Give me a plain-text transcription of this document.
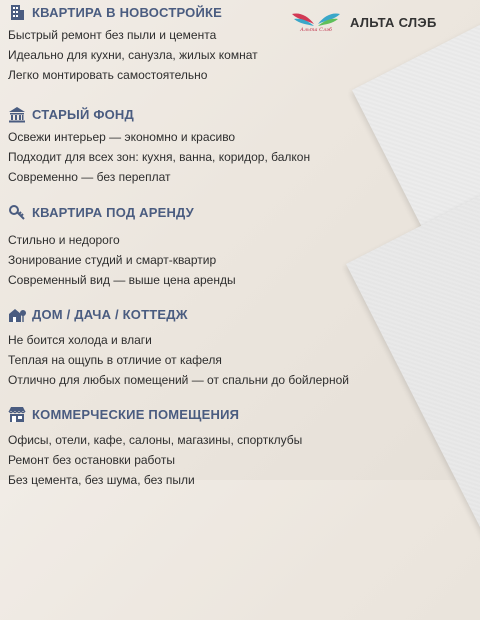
Альта Слэб
АЛЬТА СЛЭБ
КВАРТИРА В НОВОСТРОЙКЕ
Быстрый ремонт без пыли и цемента
Идеально для кухни, санузла, жилых комнат
Легко монтировать самостоятельно
СТАРЫЙ ФОНД
Освежи интерьер — экономно и красиво
Подходит для всех зон: кухня, ванна, коридор, балкон
Современно — без переплат
КВАРТИРА ПОД АРЕНДУ
Стильно и недорого
Зонирование студий и смарт-квартир
Современный вид — выше цена аренды
ДОМ / ДАЧА / КОТТЕДЖ
Не боится холода и влаги
Теплая на ощупь в отличие от кафеля
Отлично для любых помещений — от спальни до бойлерной
КОММЕРЧЕСКИЕ ПОМЕЩЕНИЯ
Офисы, отели, кафе, салоны, магазины, спортклубы
Ремонт без остановки работы
Без цемента, без шума, без пыли
